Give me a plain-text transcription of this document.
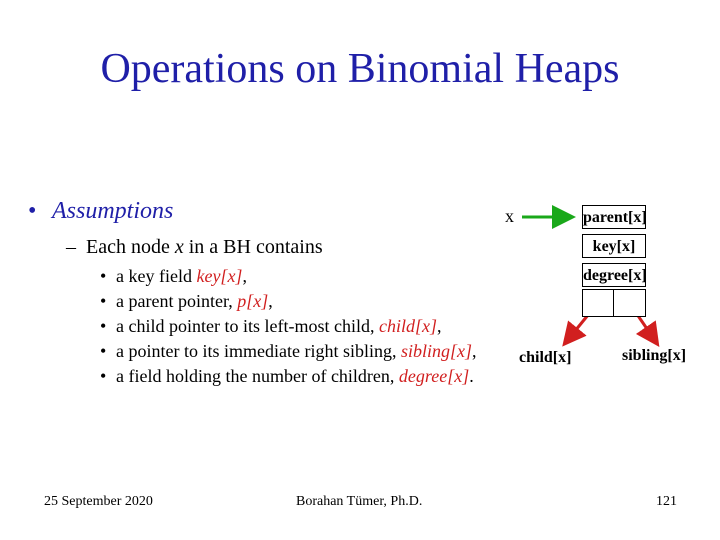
Operations on Binomial Heaps
• Assumptions
– Each node x in a BH contains
• a key field key[x],
• a parent pointer, p[x],
• a child pointer to its left-most child, child[x],
• a pointer to its immediate right sibling, sibling[x],
• a field holding the number of children, degree[x].
x	parent[x]
key[x]
degree[x]
child[x]	sibling[x]
25 September 2020	Borahan Tümer, Ph.D.	121
